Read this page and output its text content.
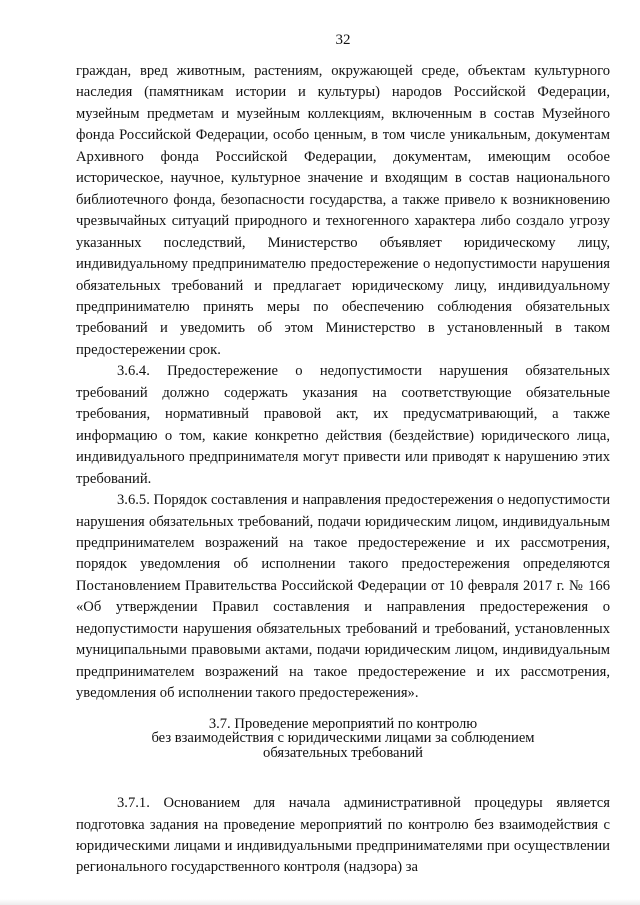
32

граждан, вред животным, растениям, окружающей среде, объектам культурного наследия (памятникам истории и культуры) народов Российской Федерации, музейным предметам и музейным коллекциям, включенным в состав Музейного фонда Российской Федерации, особо ценным, в том числе уникальным, документам Архивного фонда Российской Федерации, документам, имеющим особое историческое, научное, культурное значение и входящим в состав национального библиотечного фонда, безопасности государства, а также привело к возникновению чрезвычайных ситуаций природного и техногенного характера либо создало угрозу указанных последствий, Министерство объявляет юридическому лицу, индивидуальному предпринимателю предостережение о недопустимости нарушения обязательных требований и предлагает юридическому лицу, индивидуальному предпринимателю принять меры по обеспечению соблюдения обязательных требований и уведомить об этом Министерство в установленный в таком предостережении срок.

3.6.4. Предостережение о недопустимости нарушения обязательных требований должно содержать указания на соответствующие обязательные требования, нормативный правовой акт, их предусматривающий, а также информацию о том, какие конкретно действия (бездействие) юридического лица, индивидуального предпринимателя могут привести или приводят к нарушению этих требований.

3.6.5. Порядок составления и направления предостережения о недопустимости нарушения обязательных требований, подачи юридическим лицом, индивидуальным предпринимателем возражений на такое предостережение и их рассмотрения, порядок уведомления об исполнении такого предостережения определяются Постановлением Правительства Российской Федерации от 10 февраля 2017 г. № 166 «Об утверждении Правил составления и направления предостережения о недопустимости нарушения обязательных требований и требований, установленных муниципальными правовыми актами, подачи юридическим лицом, индивидуальным предпринимателем возражений на такое предостережение и их рассмотрения, уведомления об исполнении такого предостережения».

3.7. Проведение мероприятий по контролю
без взаимодействия с юридическими лицами за соблюдением
обязательных требований

3.7.1. Основанием для начала административной процедуры является подготовка задания на проведение мероприятий по контролю без взаимодействия с юридическими лицами и индивидуальными предпринимателями при осуществлении регионального государственного контроля (надзора) за
